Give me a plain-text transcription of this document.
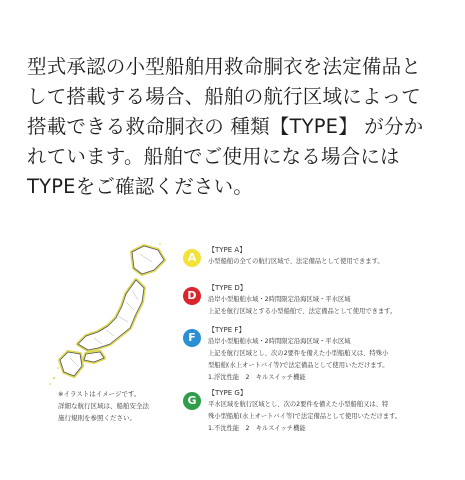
型式承認の小型船舶用救命胴衣を法定備品と
して搭載する場合、船舶の航行区域によって
搭載できる救命胴衣の 種類【TYPE】 が分か
れています。船舶でご使用になる場合には
TYPEをご確認ください。
※イラストはイメージです。
詳細な航行区域は、船舶安全法
施行規則を参照ください。
A
【TYPE A】
小型船舶の全ての航行区域で、法定備品として使用できます。
D
【TYPE D】
沿岸小型船舶水域・2時間限定沿海区域・平水区域
上記を航行区域とする小型船舶で、法定備品として使用できます。
F
【TYPE F】
沿岸小型船舶水域・2時間限定沿海区域・平水区域
上記を航行区域とし、次の2要件を備えた小型船舶又は、特殊小
型船舶(水上オートバイ等)で法定備品として使用いただけます。
1.浮沈性能　2　キルスイッチ機能
G
【TYPE G】
平水区域を航行区域とし、次の2要件を備えた小型船舶又は、特
殊小型船舶(水上オートバイ等)で法定備品として使用いただけます。
1.不沈性能　2　キルスイッチ機能
